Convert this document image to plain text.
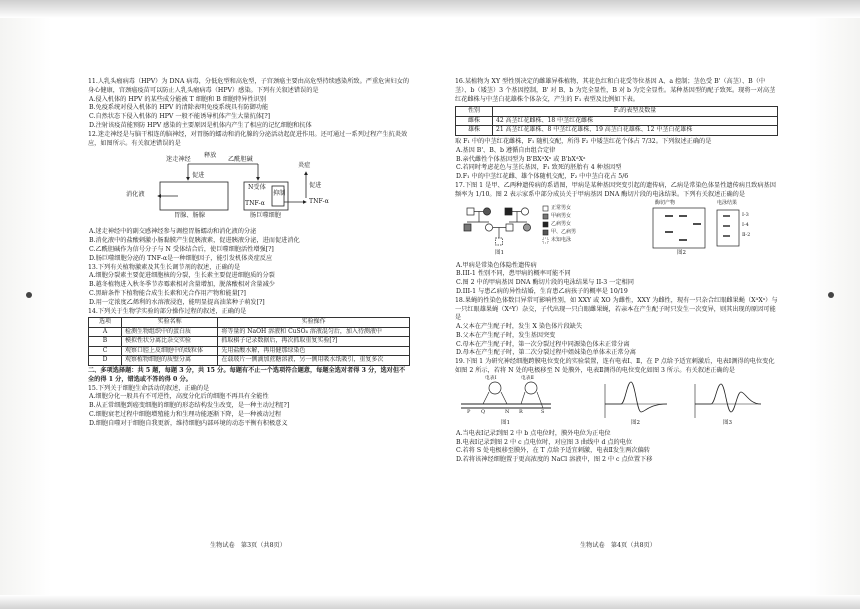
11.人乳头瘤病毒（HPV）为 DNA 病毒，分低危型和高危型，子宫颈癌主要由高危型持续感染所致。严重危害妇女的身心健康，宫颈癌疫苗可以防止人乳头瘤病毒（HPV）感染。下列有关叙述错误的是

A.侵入机体的 HPV 的某些成分能被 T 细胞和 B 细胞特异性识别

B.免疫系统对侵入机体的 HPV 的清除表明免疫系统具有防御功能

C.自然状态下侵入机体的 HPV 一般不能诱导机体产生大量抗体[?]

D.注射该疫苗能预防 HPV 感染的主要原因是机体内产生了相应的记忆细胞和抗体

12.迷走神经是与脑干相连的脑神经，对胃肠的蠕动和消化腺的分泌活动起促进作用。还可通过一系列过程产生抗炎效应，如图所示。有关叙述错误的是

迷走神经
释放
乙酰胆碱
促进
消化液
胃腺、肠腺
N受体
抑制
TNF-α
炎症
促进
TNF-α
肠巨噬细胞

A.迷走神经中的副交感神经参与调控胃肠蠕动和消化液的分泌

B.消化液中的盐酸刺激小肠黏膜产生促胰液素，促进胰液分泌，进而促进消化

C.乙酰胆碱作为信号分子与 N 受体结合后，使巨噬细胞活性增强[?]

D.肠巨噬细胞分泌的 TNF-α是一种细胞因子，能引发机体炎症反应

13.下列有关植物激素及其生长调节剂的叙述，正确的是

A.细胞分裂素主要促进细胞核的分裂，生长素主要促进细胞质的分裂

B.越冬植物进入秋冬季节赤霉素相对含量增加，脱落酸相对含量减少

C.黑暗条件下植物能合成生长素和光合作用产物和能量[?]

D.用一定浓度乙烯利的水溶液浸泡，能明显提高油菜种子萌发[?]

14.下列关于生物学实验的部分操作过程的叙述，正确的是

选项	实验名称	实验操作
A	检测生物组织中的蛋白质	将等量的 NaOH 溶液和 CuSO₄ 溶液混匀后，加入待测液中
B	模拟性状分离比杂交实验	抓取棋子记录数据后，再次抓取重复实验[?]
C	观察口腔上皮细胞中的线粒体	先用盐酸水解，再用健那绿染色
D	观察植物细胞的质壁分离	在载玻片一侧滴加蔗糖溶液，另一侧用吸水纸吸引，重复多次

二、多项选择题：共 5 题，每题 3 分，共 15 分。每题有不止一个选项符合题意，每题全选对者得 3 分，选对但不全的得 1 分，错选或不答的得 0 分。

15.下列关于细胞生命活动的叙述，正确的是

A.细胞分化一般具有不可逆性，高度分化后的细胞不再具有全能性

B.从正常细胞到癌变细胞的细胞的形态结构发生改变，是一种主动过程[?]

C.细胞衰老过程中细胞增殖能力和生理功能逐渐下降，是一种被动过程

D.细胞自噬对于细胞自我更新，维持细胞内部环境的动态平衡有积极意义

生物试卷　第3页（共8页）

16.某植物为 XY 型性别决定的雌雄异株植物，其花色红和白花受等位基因 A、a 控制；茎色受 B'（高茎）、B（中茎）、b（矮茎）3 个基因控制，B' 对 B、b 为完全显性，B 对 b 为完全显性。某种基因型的配子致死。现将一对高茎红花雌株与中茎白花雄株个体杂交，产生的 F₁ 表型及比例如下表。

性别	F₁的表型及数量
雌株	42 高茎红花雌株、18 中茎红花雌株
雄株	21 高茎红花雄株、8 中茎红花雄株、19 高茎白花雄株、12 中茎白花雄株

取 F₁ 中的中茎红花雌株，F₁ 随机交配，所得 F₂ 中矮茎红花个体占 7/32。下列叙述正确的是

A.基因 B'、B、b 遵循自由组合定律

B.亲代雌性个体基因型为 B'BXᴬXᵃ 或 B'bXᴬXᵃ

C.若同时考虑花色与茎长基因，F₁ 致死的胚胎有 4 种基因型

D.F₁ 中的中茎红花雌、雄个体随机交配，F₂ 中中茎白花占 5/6

17.下图 1 是甲、乙两种遗传病的系谱图，甲病是某种基因突变引起的遗传病，乙病是常染色体显性遗传病且致病基因频率为 1/10。图 2 表示家系中部分成员关于甲病基因 DNA 酶切片段的电泳结果。下列有关叙述正确的是

正常男女
甲病男女
乙病男女
甲、乙病男
未知电泳
图1
酶切产物	电泳结果
Ⅰ-3
Ⅰ-4
Ⅱ-2
图2

A.甲病是常染色体隐性遗传病

B.III-1 性别不同，患甲病的概率可能不同

C.图 2 中的甲病基因 DNA 酶切片段的电泳结果与 II-3 一定相同

D.III-1 与患乙病的异性结婚，生育患乙病孩子的概率是 10/19

18.果蝇的性染色体数目异常可影响性别，如 XXY 或 XO 为雌性，XXY 为雌性，现有一只杂合红眼雌果蝇（XᴬXᵃ）与一只红眼雄果蝇（XᴬY）杂交，子代出现一只白眼雌果蝇，若亲本在产生配子时只发生一次变异，则其出现的原因可能是

A.父本在产生配子时，发生 X 染色体片段缺失

B.父本在产生配子时，发生基因突变

C.母本在产生配子时，第一次分裂过程中同源染色体未正常分离

D.母本在产生配子时，第二次分裂过程中姐妹染色单体未正常分离

19.下图 1 为研究神经细胞跨膜电位变化的实验装置，连有电表Ⅰ、Ⅱ，在 P 点给予适宜刺激后，电表Ⅰ测得的电位变化如图 2 所示，若将 N 处的电极移至 N 处膜外，电表Ⅱ测得的电位变化如图 3 所示。有关叙述正确的是

电表Ⅰ	电表Ⅱ
P Q	N R	S
图1	图2	图3

A.当电表Ⅰ记录到图 2 中 b 点电位时，膜外电位为正电位

B.电表Ⅰ记录到图 2 中 c 点电位时，对应图 3 曲线中 d 点的电位

C.若将 S 处电极移至膜外，在 T 点给予适宜刺激，电表Ⅱ发生两次偏转

D.若将该神经细胞置于更高浓度的 NaCl 溶液中，图 2 中 c 点位置下移

生物试卷　第4页（共8页）
